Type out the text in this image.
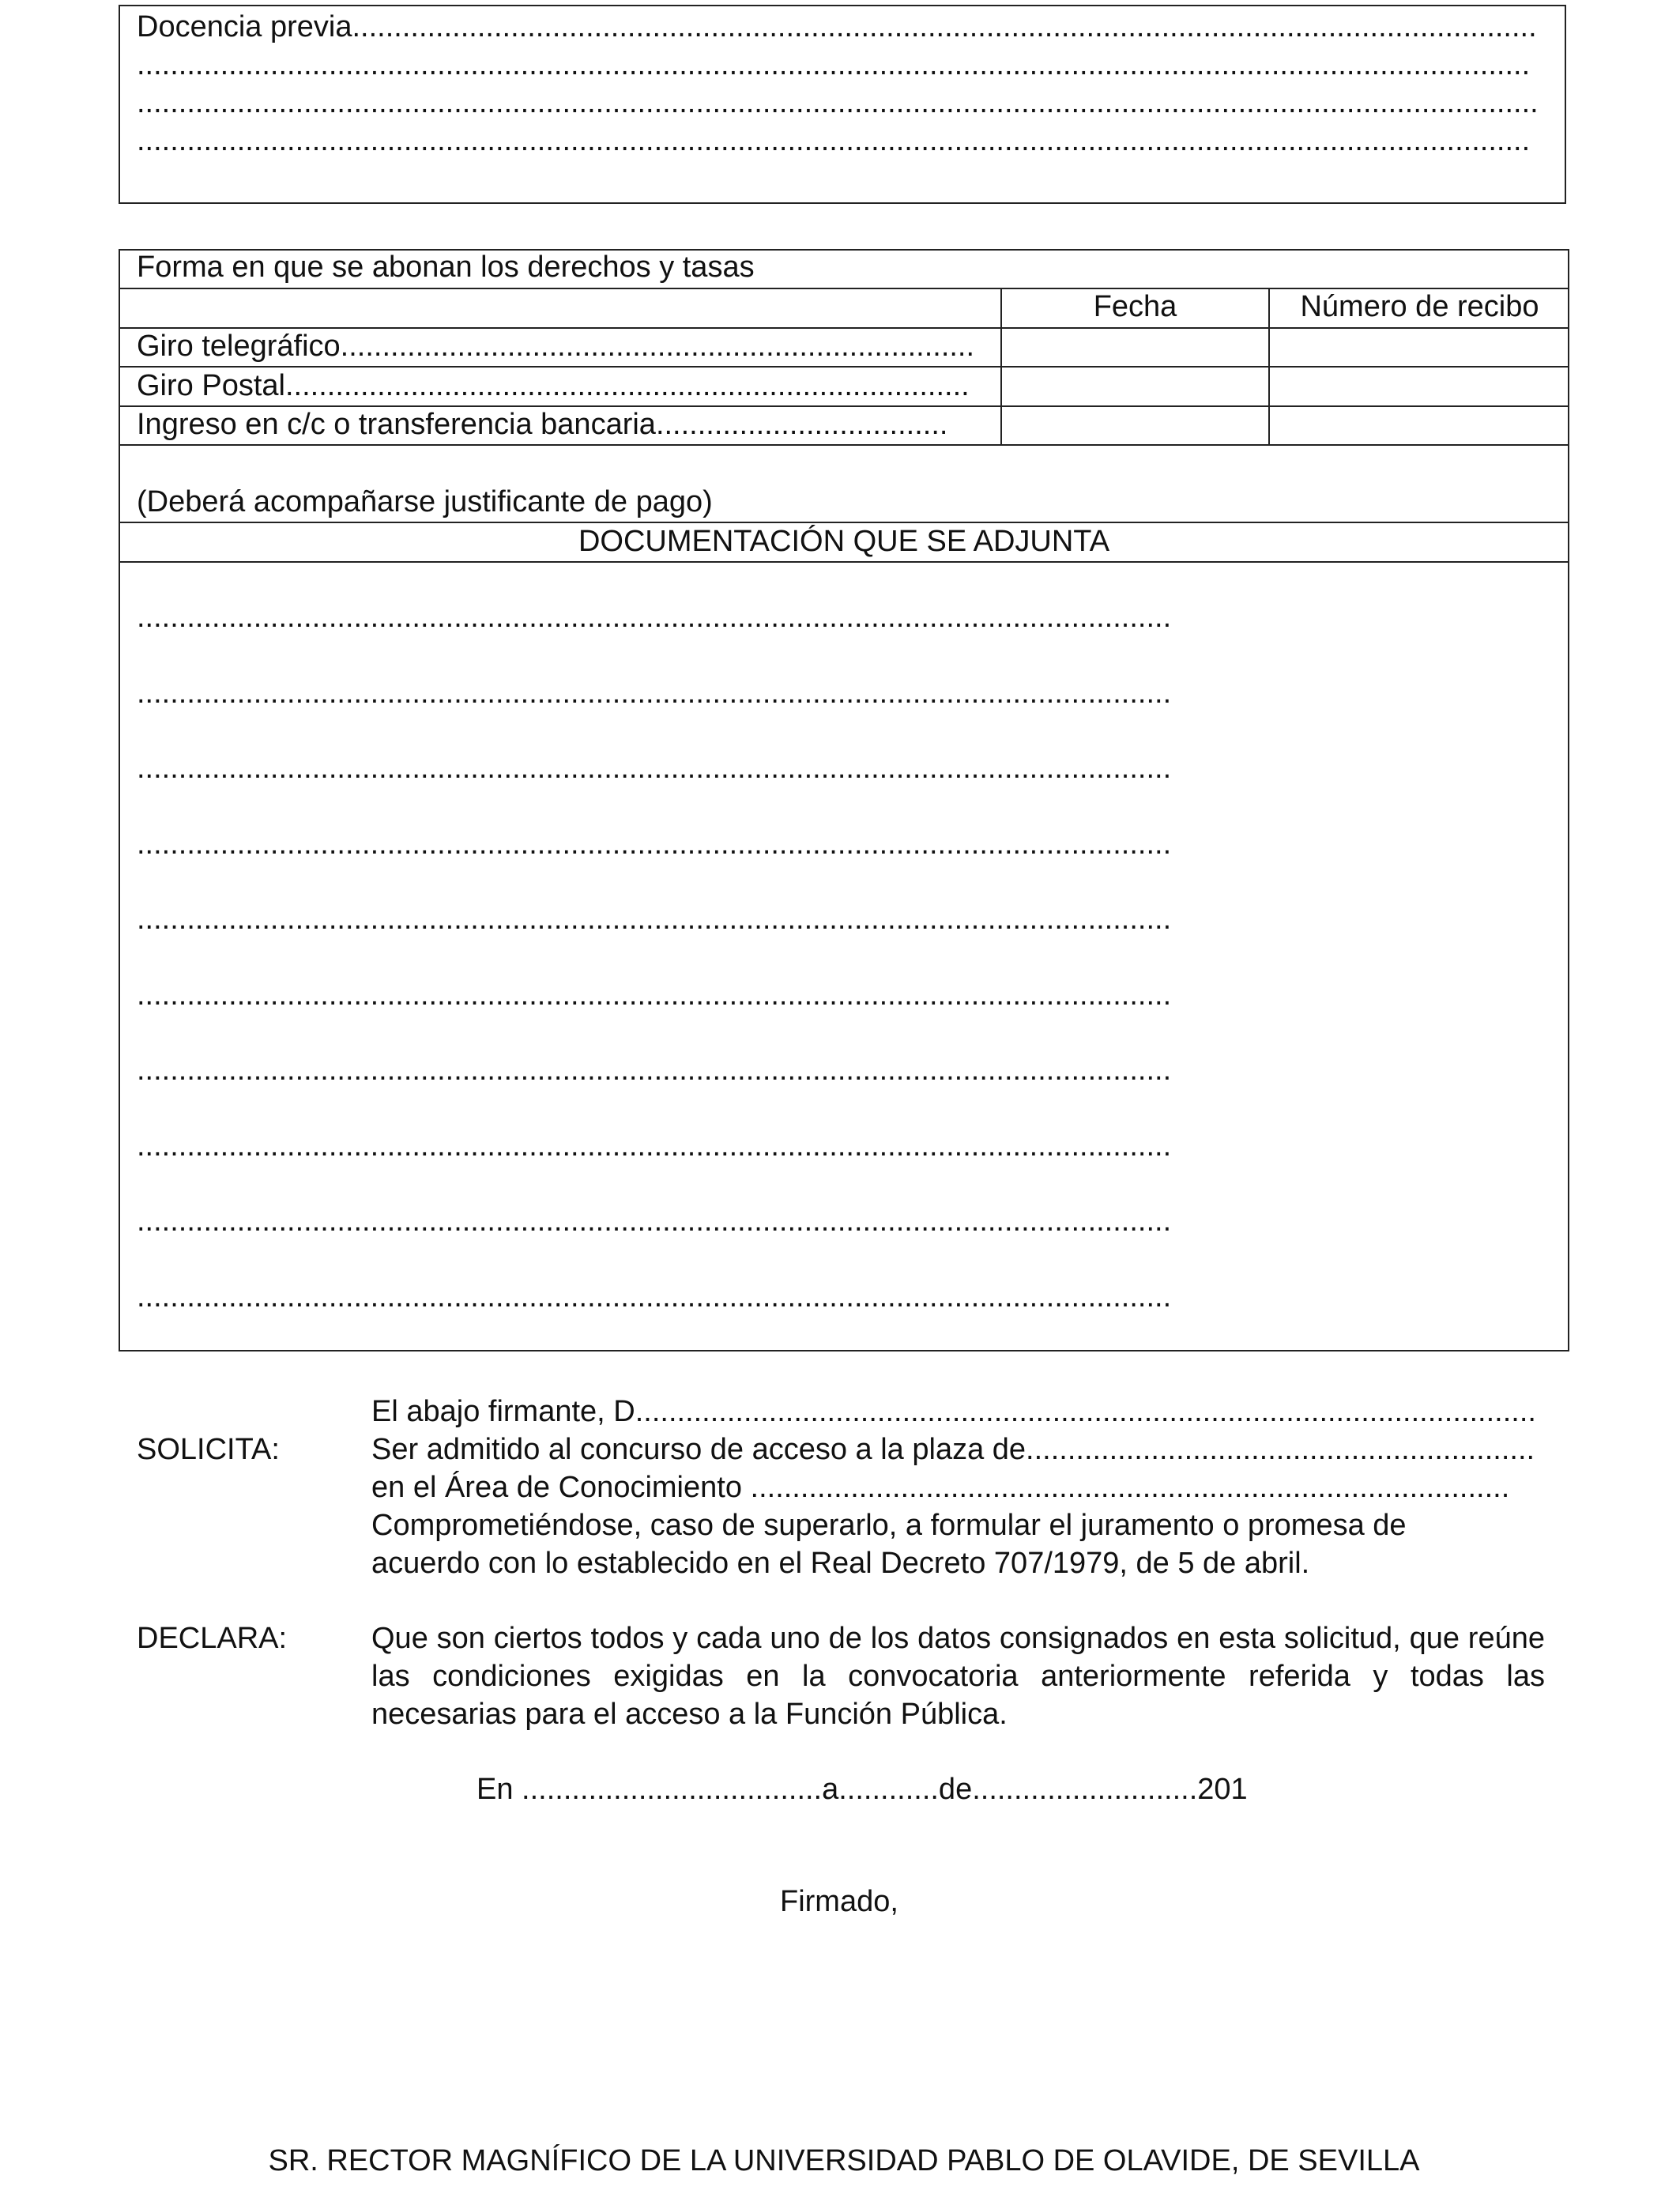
Docencia previa..............................................................................................................................................
.......................................................................................................................................................................
........................................................................................................................................................................
.......................................................................................................................................................................
Forma en que se abonan los derechos y tasas
Fecha	Número de recibo
Giro telegráfico............................................................................
Giro Postal..................................................................................
Ingreso en c/c o transferencia bancaria...................................
(Deberá acompañarse justificante de pago)
DOCUMENTACIÓN QUE SE ADJUNTA
............................................................................................................................
............................................................................................................................
............................................................................................................................
............................................................................................................................
............................................................................................................................
............................................................................................................................
............................................................................................................................
............................................................................................................................
............................................................................................................................
............................................................................................................................
SOLICITA:
El abajo firmante, D............................................................................................................
Ser admitido al concurso de acceso a la plaza de.............................................................
en el Área de Conocimiento ...........................................................................................
Comprometiéndose, caso de superarlo, a formular el juramento o promesa de
acuerdo con lo establecido en el Real Decreto 707/1979, de 5 de abril.
DECLARA:	Que son ciertos todos y cada uno de los datos consignados en esta solicitud, que reúne las condiciones exigidas en la convocatoria anteriormente referida y todas las necesarias para el acceso a la Función Pública.
En ....................................a............de...........................201
Firmado,
SR. RECTOR MAGNÍFICO DE LA UNIVERSIDAD PABLO DE OLAVIDE, DE SEVILLA
